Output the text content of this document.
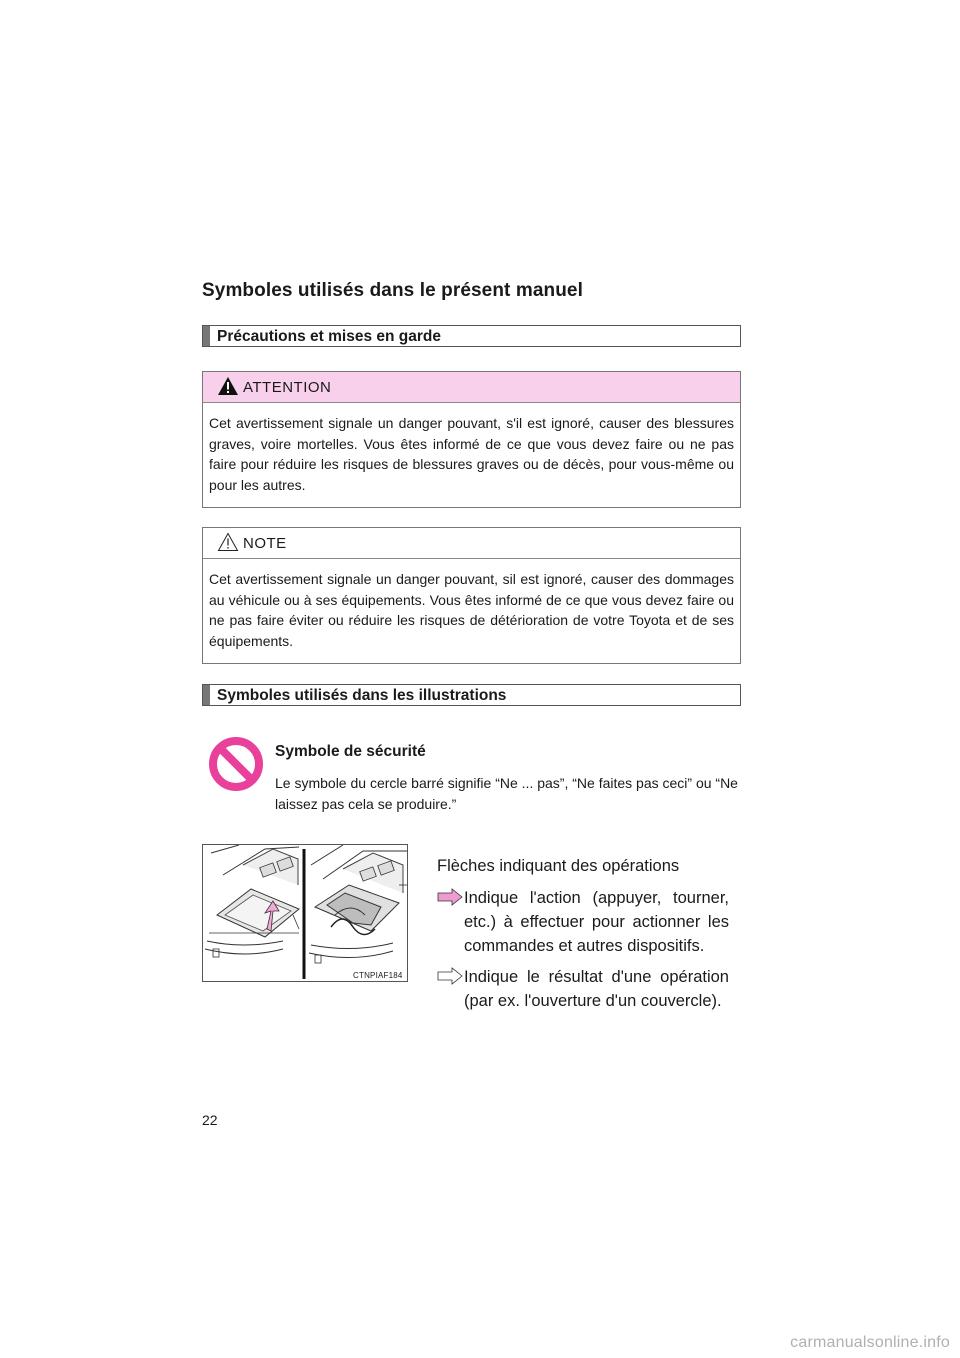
Symboles utilisés dans le présent manuel
Précautions et mises en garde
ATTENTION
Cet avertissement signale un danger pouvant, s'il est ignoré, causer des blessures graves, voire mortelles. Vous êtes informé de ce que vous devez faire ou ne pas faire pour réduire les risques de blessures graves ou de décès, pour vous-même ou pour les autres.
NOTE
Cet avertissement signale un danger pouvant, sil est ignoré, causer des dommages au véhicule ou à ses équipements. Vous êtes informé de ce que vous devez faire ou ne pas faire éviter ou réduire les risques de détérioration de votre Toyota et de ses équipements.
Symboles utilisés dans les illustrations
Symbole de sécurité
Le symbole du cercle barré signifie “Ne ... pas”, “Ne faites pas ceci” ou “Ne laissez pas cela se produire.”
CTNPIAF184
Flèches indiquant des opérations
Indique l'action (appuyer, tourner, etc.) à effectuer pour actionner les commandes et autres dispositifs.
Indique le résultat d'une opération (par ex. l'ouverture d'un couvercle).
22
carmanualsonline.info
